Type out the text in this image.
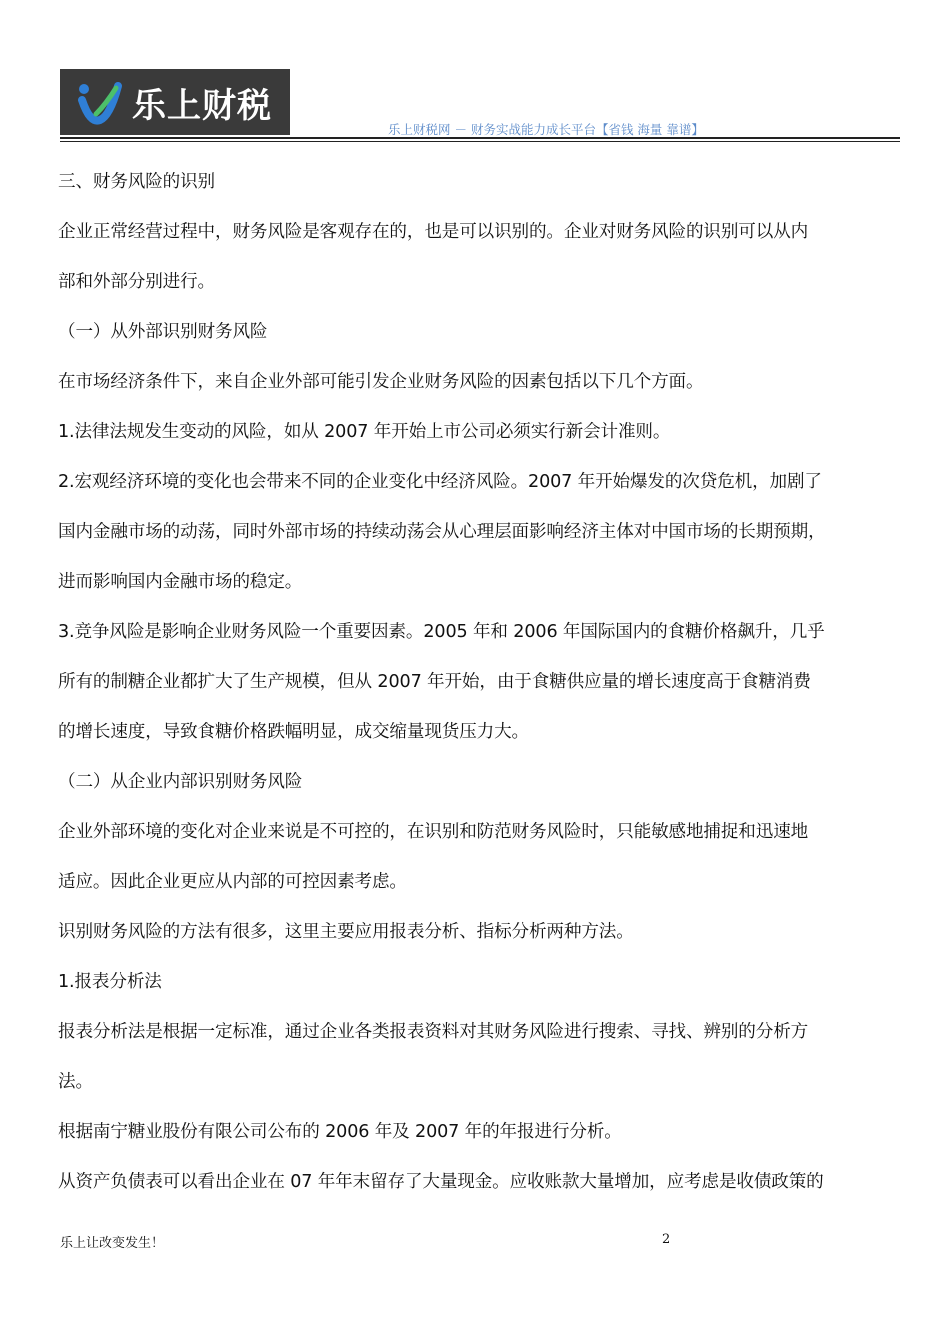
乐上财税
乐上财税网 － 财务实战能力成长平台【省钱 海量 靠谱】

三、财务风险的识别

企业正常经营过程中，财务风险是客观存在的，也是可以识别的。企业对财务风险的识别可以从内

部和外部分别进行。

（一）从外部识别财务风险

在市场经济条件下，来自企业外部可能引发企业财务风险的因素包括以下几个方面。

1.法律法规发生变动的风险，如从 2007 年开始上市公司必须实行新会计准则。

2.宏观经济环境的变化也会带来不同的企业变化中经济风险。2007 年开始爆发的次贷危机，加剧了

国内金融市场的动荡，同时外部市场的持续动荡会从心理层面影响经济主体对中国市场的长期预期，

进而影响国内金融市场的稳定。

3.竞争风险是影响企业财务风险一个重要因素。2005 年和 2006 年国际国内的食糖价格飙升，几乎

所有的制糖企业都扩大了生产规模，但从 2007 年开始，由于食糖供应量的增长速度高于食糖消费

的增长速度，导致食糖价格跌幅明显，成交缩量现货压力大。

（二）从企业内部识别财务风险

企业外部环境的变化对企业来说是不可控的，在识别和防范财务风险时，只能敏感地捕捉和迅速地

适应。因此企业更应从内部的可控因素考虑。

识别财务风险的方法有很多，这里主要应用报表分析、指标分析两种方法。

1.报表分析法

报表分析法是根据一定标准，通过企业各类报表资料对其财务风险进行搜索、寻找、辨别的分析方

法。

根据南宁糖业股份有限公司公布的 2006 年及 2007 年的年报进行分析。

从资产负债表可以看出企业在 07 年年末留存了大量现金。应收账款大量增加，应考虑是收债政策的

乐上让改变发生！	2
